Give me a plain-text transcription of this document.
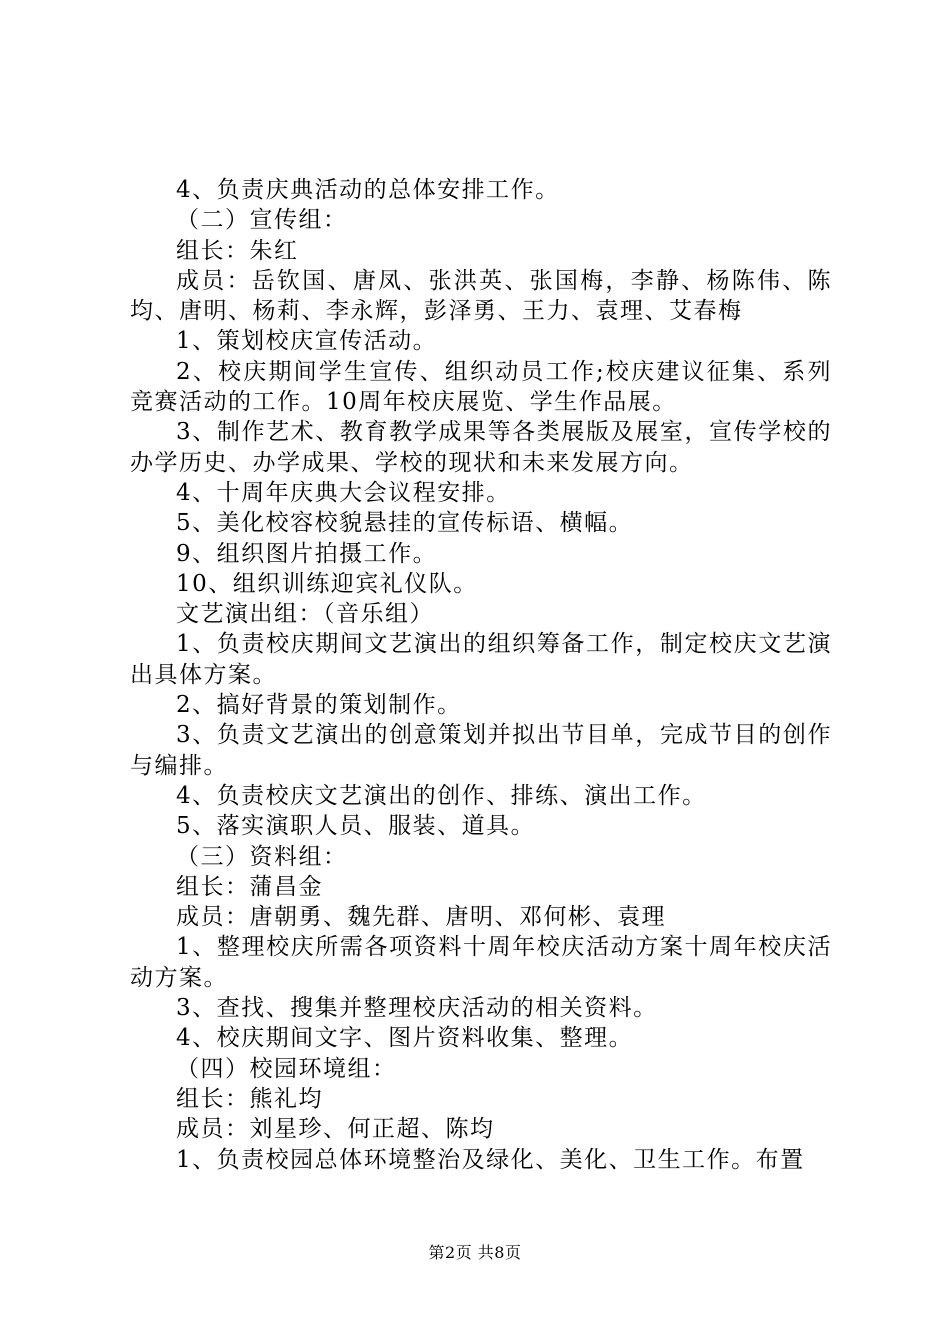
4、负责庆典活动的总体安排工作。

（二）宣传组：

组长：朱红

成员：岳钦国、唐凤、张洪英、张国梅，李静、杨陈伟、陈均、唐明、杨莉、李永辉，彭泽勇、王力、袁理、艾春梅

1、策划校庆宣传活动。

2、校庆期间学生宣传、组织动员工作;校庆建议征集、系列竞赛活动的工作。10周年校庆展览、学生作品展。

3、制作艺术、教育教学成果等各类展版及展室，宣传学校的办学历史、办学成果、学校的现状和未来发展方向。

4、十周年庆典大会议程安排。

5、美化校容校貌悬挂的宣传标语、横幅。

9、组织图片拍摄工作。

10、组织训练迎宾礼仪队。

文艺演出组：（音乐组）

1、负责校庆期间文艺演出的组织筹备工作，制定校庆文艺演出具体方案。

2、搞好背景的策划制作。

3、负责文艺演出的创意策划并拟出节目单，完成节目的创作与编排。

4、负责校庆文艺演出的创作、排练、演出工作。

5、落实演职人员、服装、道具。

（三）资料组：

组长：蒲昌金

成员：唐朝勇、魏先群、唐明、邓何彬、袁理

1、整理校庆所需各项资料十周年校庆活动方案十周年校庆活动方案。

3、查找、搜集并整理校庆活动的相关资料。

4、校庆期间文字、图片资料收集、整理。

（四）校园环境组：

组长：熊礼均

成员：刘星珍、何正超、陈均

1、负责校园总体环境整治及绿化、美化、卫生工作。布置

第2页 共8页
